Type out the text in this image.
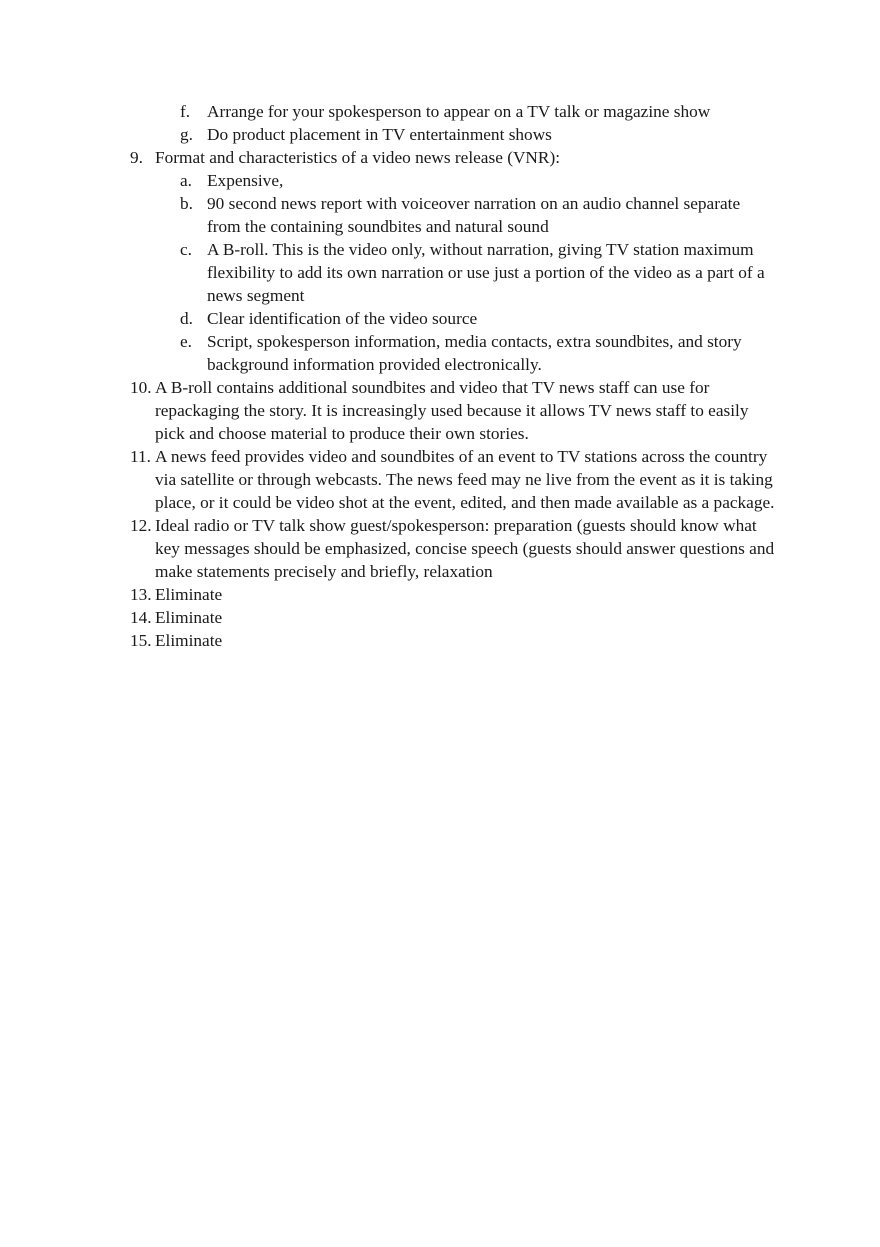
f. Arrange for your spokesperson to appear on a TV talk or magazine show
g. Do product placement in TV entertainment shows
9. Format and characteristics of a video news release (VNR):
a. Expensive,
b. 90 second news report with voiceover narration on an audio channel separate from the containing soundbites and natural sound
c. A B-roll. This is the video only, without narration, giving TV station maximum flexibility to add its own narration or use just a portion of the video as a part of a news segment
d. Clear identification of the video source
e. Script, spokesperson information, media contacts, extra soundbites, and story background information provided electronically.
10. A B-roll contains additional soundbites and video that TV news staff can use for repackaging the story. It is increasingly used because it allows TV news staff to easily pick and choose material to produce their own stories.
11. A news feed provides video and soundbites of an event to TV stations across the country via satellite or through webcasts. The news feed may ne live from the event as it is taking place, or it could be video shot at the event, edited, and then made available as a package.
12. Ideal radio or TV talk show guest/spokesperson: preparation (guests should know what key messages should be emphasized, concise speech (guests should answer questions and make statements precisely and briefly, relaxation
13. Eliminate
14. Eliminate
15. Eliminate
